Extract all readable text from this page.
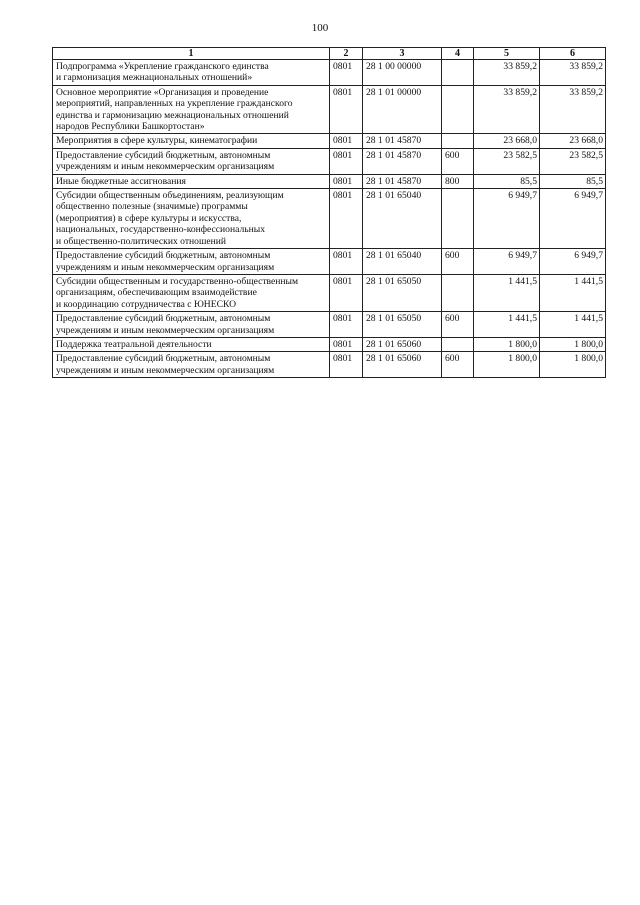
100
1	2	3	4	5	6

Подпрограмма «Укрепление гражданского единства
и гармонизация межнациональных отношений»	0801	28 1 00 00000		33 859,2	33 859,2

Основное мероприятие «Организация и проведение
мероприятий, направленных на укрепление гражданского
единства и гармонизацию межнациональных отношений
народов Республики Башкортостан»	0801	28 1 01 00000		33 859,2	33 859,2

Мероприятия в сфере культуры, кинематографии	0801	28 1 01 45870		23 668,0	23 668,0

Предоставление субсидий бюджетным, автономным
учреждениям и иным некоммерческим организациям	0801	28 1 01 45870	600	23 582,5	23 582,5

Иные бюджетные ассигнования	0801	28 1 01 45870	800	85,5	85,5

Субсидии общественным объединениям, реализующим
общественно полезные (значимые) программы
(мероприятия) в сфере культуры и искусства,
национальных, государственно-конфессиональных
и общественно-политических отношений	0801	28 1 01 65040		6 949,7	6 949,7

Предоставление субсидий бюджетным, автономным
учреждениям и иным некоммерческим организациям	0801	28 1 01 65040	600	6 949,7	6 949,7

Субсидии общественным и государственно-общественным
организациям, обеспечивающим взаимодействие
и координацию сотрудничества с ЮНЕСКО	0801	28 1 01 65050		1 441,5	1 441,5

Предоставление субсидий бюджетным, автономным
учреждениям и иным некоммерческим организациям	0801	28 1 01 65050	600	1 441,5	1 441,5

Поддержка театральной деятельности	0801	28 1 01 65060		1 800,0	1 800,0

Предоставление субсидий бюджетным, автономным
учреждениям и иным некоммерческим организациям	0801	28 1 01 65060	600	1 800,0	1 800,0
